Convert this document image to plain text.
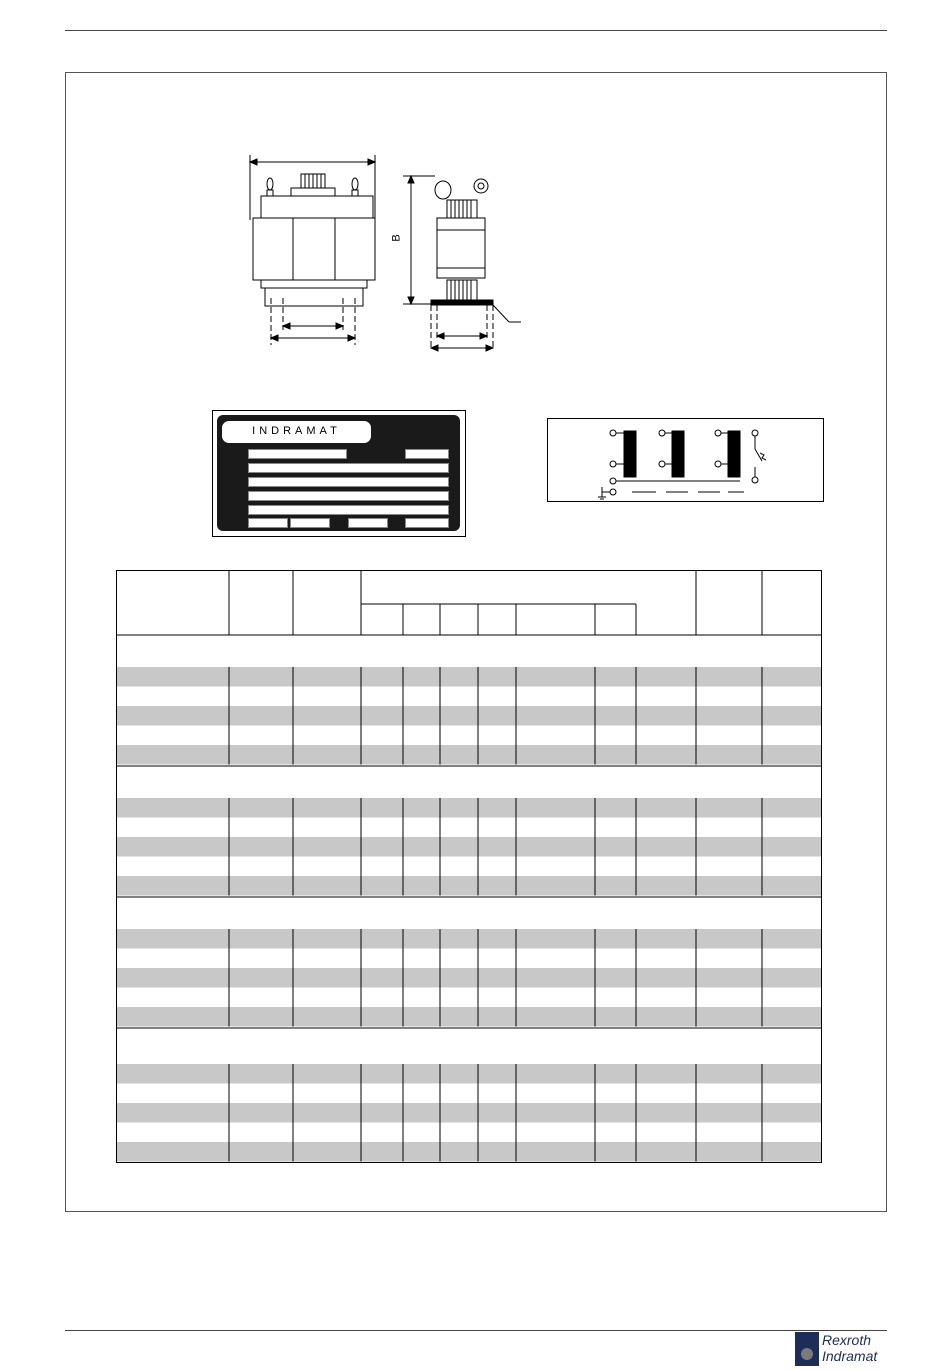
B
INDRAMAT
Rexroth
Indramat
